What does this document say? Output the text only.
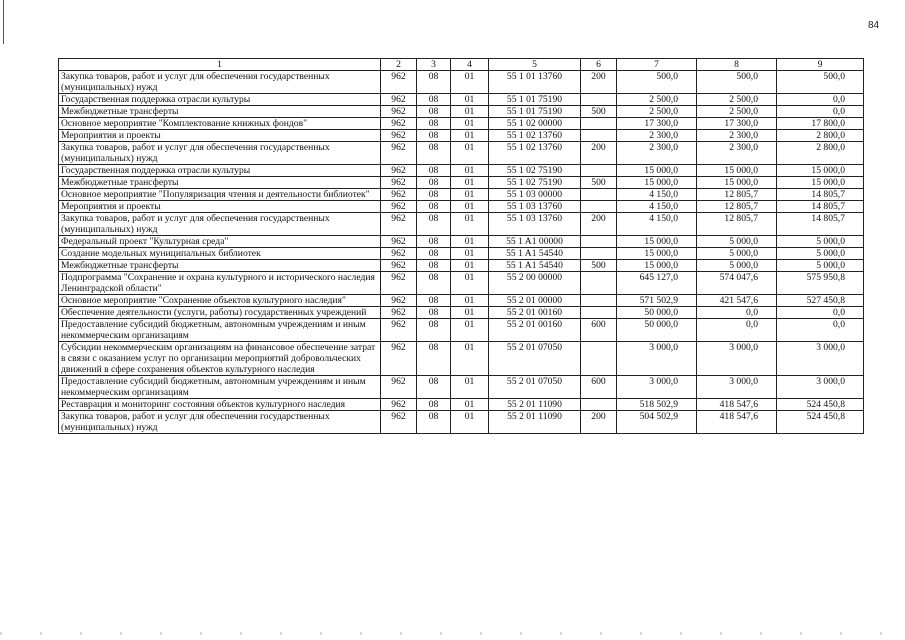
84
1	2	3	4	5	6	7	8	9
Закупка товаров, работ и услуг для обеспечения государственных (муниципальных) нужд	962	08	01	55 1 01 13760	200	500,0	500,0	500,0
Государственная поддержка отрасли культуры	962	08	01	55 1 01 75190		2 500,0	2 500,0	0,0
Межбюджетные трансферты	962	08	01	55 1 01 75190	500	2 500,0	2 500,0	0,0
Основное мероприятие "Комплектование книжных фондов"	962	08	01	55 1 02 00000		17 300,0	17 300,0	17 800,0
Мероприятия и проекты	962	08	01	55 1 02 13760		2 300,0	2 300,0	2 800,0
Закупка товаров, работ и услуг для обеспечения государственных (муниципальных) нужд	962	08	01	55 1 02 13760	200	2 300,0	2 300,0	2 800,0
Государственная поддержка отрасли культуры	962	08	01	55 1 02 75190		15 000,0	15 000,0	15 000,0
Межбюджетные трансферты	962	08	01	55 1 02 75190	500	15 000,0	15 000,0	15 000,0
Основное мероприятие "Популяризация чтения и деятельности библиотек"	962	08	01	55 1 03 00000		4 150,0	12 805,7	14 805,7
Мероприятия и проекты	962	08	01	55 1 03 13760		4 150,0	12 805,7	14 805,7
Закупка товаров, работ и услуг для обеспечения государственных (муниципальных) нужд	962	08	01	55 1 03 13760	200	4 150,0	12 805,7	14 805,7
Федеральный проект "Культурная среда"	962	08	01	55 1 A1 00000		15 000,0	5 000,0	5 000,0
Создание модельных муниципальных библиотек	962	08	01	55 1 A1 54540		15 000,0	5 000,0	5 000,0
Межбюджетные трансферты	962	08	01	55 1 A1 54540	500	15 000,0	5 000,0	5 000,0
Подпрограмма "Сохранение и охрана культурного и исторического наследия Ленинградской области"	962	08	01	55 2 00 00000		645 127,0	574 047,6	575 950,8
Основное мероприятие "Сохранение объектов культурного наследия"	962	08	01	55 2 01 00000		571 502,9	421 547,6	527 450,8
Обеспечение деятельности (услуги, работы) государственных учреждений	962	08	01	55 2 01 00160		50 000,0	0,0	0,0
Предоставление субсидий бюджетным, автономным учреждениям и иным некоммерческим организациям	962	08	01	55 2 01 00160	600	50 000,0	0,0	0,0
Субсидии некоммерческим организациям на финансовое обеспечение затрат в связи с оказанием услуг по организации мероприятий добровольческих движений в сфере сохранения объектов культурного наследия	962	08	01	55 2 01 07050		3 000,0	3 000,0	3 000,0
Предоставление субсидий бюджетным, автономным учреждениям и иным некоммерческим организациям	962	08	01	55 2 01 07050	600	3 000,0	3 000,0	3 000,0
Реставрация и мониторинг состояния объектов культурного наследия	962	08	01	55 2 01 11090		518 502,9	418 547,6	524 450,8
Закупка товаров, работ и услуг для обеспечения государственных (муниципальных) нужд	962	08	01	55 2 01 11090	200	504 502,9	418 547,6	524 450,8
